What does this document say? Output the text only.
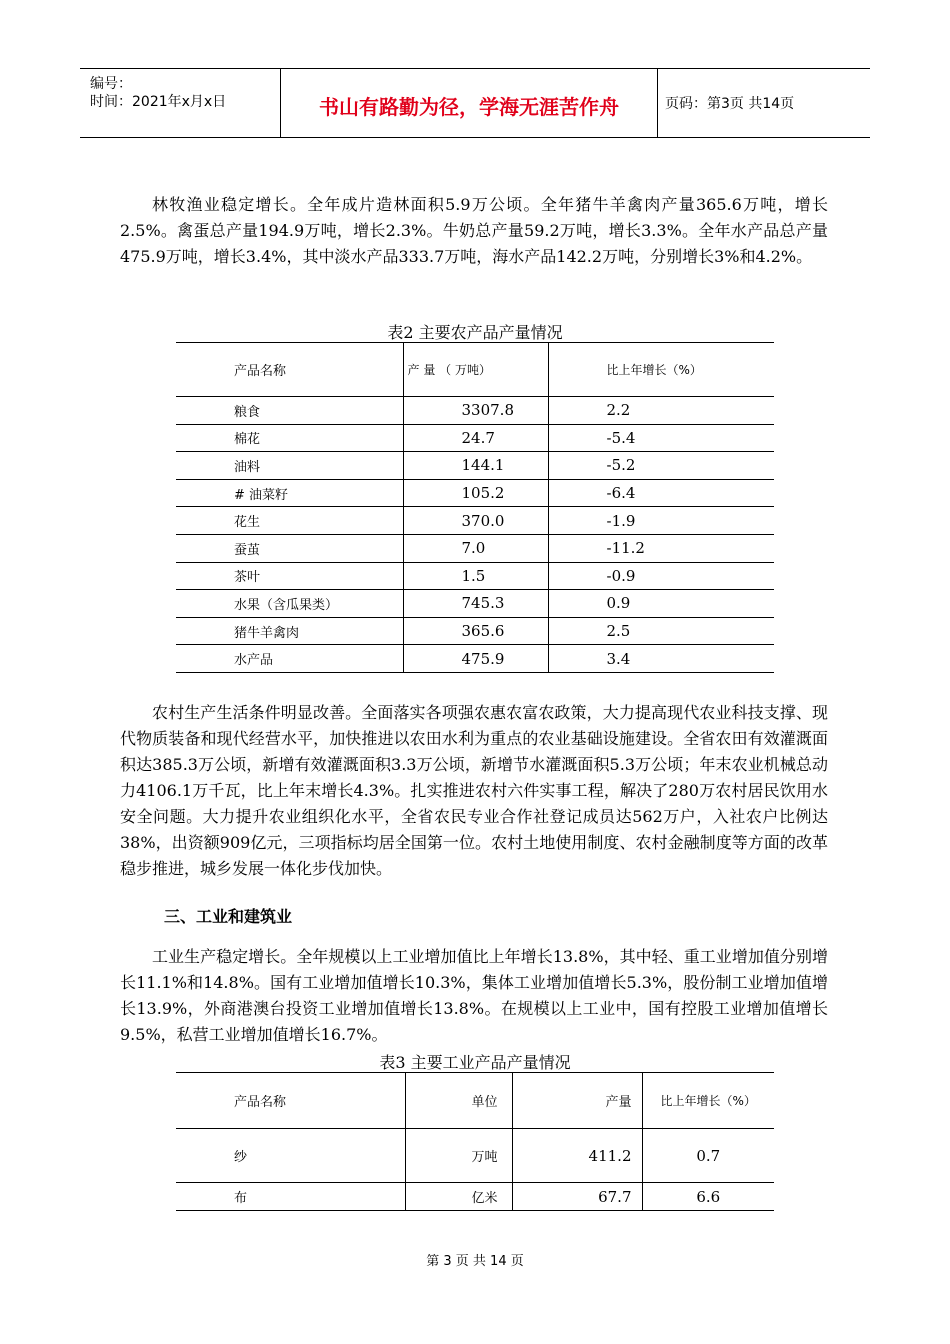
编号：
时间：2021年x月x日	书山有路勤为径，学海无涯苦作舟	页码：第3页 共14页
林牧渔业稳定增长。全年成片造林面积5.9万公顷。全年猪牛羊禽肉产量365.6万吨，增长2.5%。禽蛋总产量194.9万吨，增长2.3%。牛奶总产量59.2万吨，增长3.3%。全年水产品总产量475.9万吨，增长3.4%，其中淡水产品333.7万吨，海水产品142.2万吨，分别增长3%和4.2%。
表2 主要农产品产量情况
产品名称	产 量 （ 万吨）	比上年增长（%）
粮食	3307.8	2.2
棉花	24.7	-5.4
油料	144.1	-5.2
# 油菜籽	105.2	-6.4
花生	370.0	-1.9
蚕茧	7.0	-11.2
茶叶	1.5	-0.9
水果（含瓜果类）	745.3	0.9
猪牛羊禽肉	365.6	2.5
水产品	475.9	3.4
农村生产生活条件明显改善。全面落实各项强农惠农富农政策，大力提高现代农业科技支撑、现代物质装备和现代经营水平，加快推进以农田水利为重点的农业基础设施建设。全省农田有效灌溉面积达385.3万公顷，新增有效灌溉面积3.3万公顷，新增节水灌溉面积5.3万公顷；年末农业机械总动力4106.1万千瓦，比上年末增长4.3%。扎实推进农村六件实事工程，解决了280万农村居民饮用水安全问题。大力提升农业组织化水平，全省农民专业合作社登记成员达562万户，入社农户比例达38%，出资额909亿元，三项指标均居全国第一位。农村土地使用制度、农村金融制度等方面的改革稳步推进，城乡发展一体化步伐加快。
三、工业和建筑业
工业生产稳定增长。全年规模以上工业增加值比上年增长13.8%，其中轻、重工业增加值分别增长11.1%和14.8%。国有工业增加值增长10.3%，集体工业增加值增长5.3%，股份制工业增加值增长13.9%，外商港澳台投资工业增加值增长13.8%。在规模以上工业中，国有控股工业增加值增长9.5%，私营工业增加值增长16.7%。
表3 主要工业产品产量情况
产品名称	单位	产量	比上年增长（%）
纱	万吨	411.2	0.7
布	亿米	67.7	6.6
第 3 页 共 14 页
